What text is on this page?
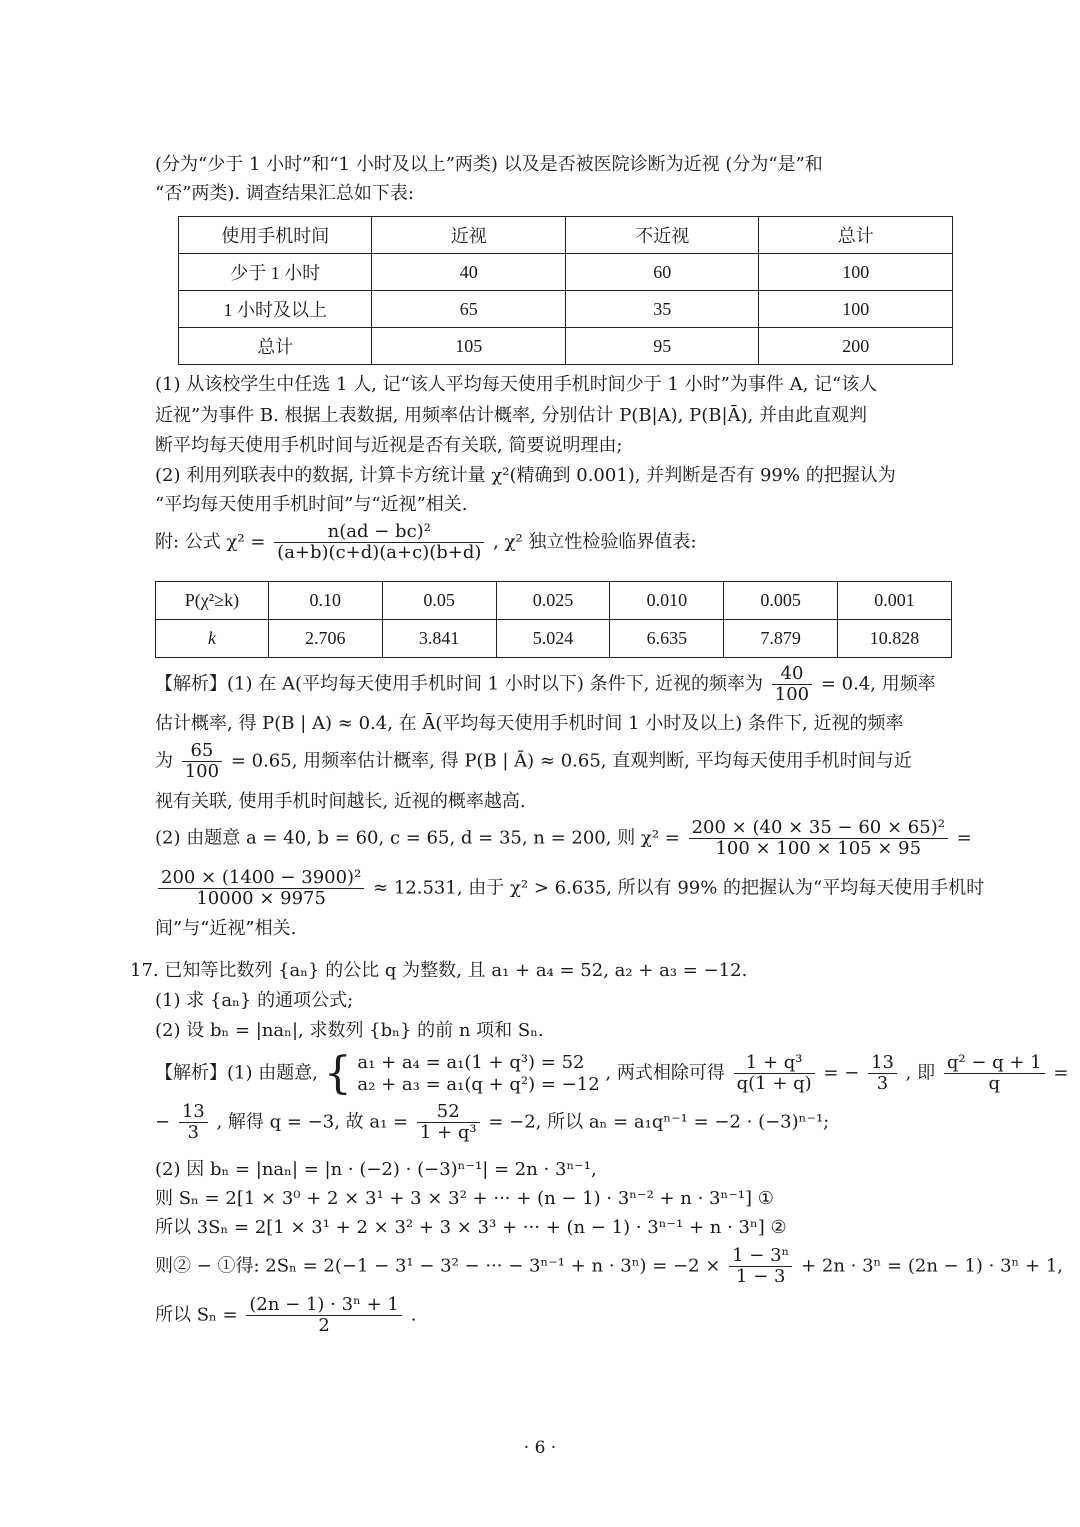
(分为“少于 1 小时”和“1 小时及以上”两类) 以及是否被医院诊断为近视 (分为“是”和
“否”两类). 调查结果汇总如下表:
使用手机时间	近视	不近视	总计
少于 1 小时	40	60	100
1 小时及以上	65	35	100
总计	105	95	200
(1) 从该校学生中任选 1 人, 记“该人平均每天使用手机时间少于 1 小时”为事件 A, 记“该人
近视”为事件 B. 根据上表数据, 用频率估计概率, 分别估计 P(B|A), P(B|Ā), 并由此直观判
断平均每天使用手机时间与近视是否有关联, 简要说明理由;
(2) 利用列联表中的数据, 计算卡方统计量 χ²(精确到 0.001), 并判断是否有 99% 的把握认为
“平均每天使用手机时间”与“近视”相关.
附: 公式 $\chi^2 = \frac{\text{n(ad − bc)²}}{(a+b)(c+d)(a+c)(b+d)}$ , χ² 独立性检验临界值表:
P(χ²≥k)	0.10	0.05	0.025	0.010	0.005	0.001
k	2.706	3.841	5.024	6.635	7.879	10.828
【解析】(1) 在 A(平均每天使用手机时间 1 小时以下) 条件下, 近视的频率为 $\frac{40}{100} = 0.4$, 用频率
估计概率, 得 P(B | A) ≈ 0.4, 在 Ā(平均每天使用手机时间 1 小时及以上) 条件下, 近视的频率
为 $\frac{65}{100} = 0.65$, 用频率估计概率, 得 P(B | Ā) ≈ 0.65, 直观判断, 平均每天使用手机时间与近
视有关联, 使用手机时间越长, 近视的概率越高.
(2) 由题意 a = 40, b = 60, c = 65, d = 35, n = 200, 则 $\chi^2 = \frac{\text{200 × (40 × 35 − 60 × 65)²}}{100 \times 100 \times 105 \times 95}$ =
$\frac{\text{200 × (1400 − 3900)²}}{10000 \times 9975} \approx 12.531$, 由于 χ² > 6.635, 所以有 99% 的把握认为“平均每天使用手机时
间”与“近视”相关.
17. 已知等比数列 {aₙ} 的公比 q 为整数, 且 a₁ + a₄ = 52, a₂ + a₃ = −12.
(1) 求 {aₙ} 的通项公式;
(2) 设 bₙ = |naₙ|, 求数列 {bₙ} 的前 n 项和 Sₙ.
【解析】(1) 由题意, { a₁ + a₄ = a₁(1 + q³) = 52
a₂ + a₃ = a₁(q + q²) = −12
, 两式相除可得 $\frac{\text{1 + q³}}{q(1 + q)}$ = − $\frac{13}{3}$ , 即 $\frac{\text{q² − q + 1}}{q}$ =
− $\frac{13}{3}$ , 解得 q = −3, 故 $a_1 = \frac{52}{\text{1 + q³}} = -2$, 所以 aₙ = a₁qⁿ⁻¹ = −2 · (−3)ⁿ⁻¹;
(2) 因 bₙ = |naₙ| = |n · (−2) · (−3)ⁿ⁻¹| = 2n · 3ⁿ⁻¹,
则 Sₙ = 2[1 × 3⁰ + 2 × 3¹ + 3 × 3² + ··· + (n − 1) · 3ⁿ⁻² + n · 3ⁿ⁻¹] ①
所以 3Sₙ = 2[1 × 3¹ + 2 × 3² + 3 × 3³ + ··· + (n − 1) · 3ⁿ⁻¹ + n · 3ⁿ] ②
则② − ①得: 2Sₙ = 2(−1 − 3¹ − 3² − ··· − $3^{n-1} + n \cdot 3^n) = -2 \times \frac{\text{1 − 3ⁿ}}{1 - 3} + 2n \cdot 3^n = (2n - 1) \cdot 3^n + 1$,
所以 $S_n = \frac{\text{(2n − 1) · 3ⁿ + 1}}{2}$ .
· 6 ·
